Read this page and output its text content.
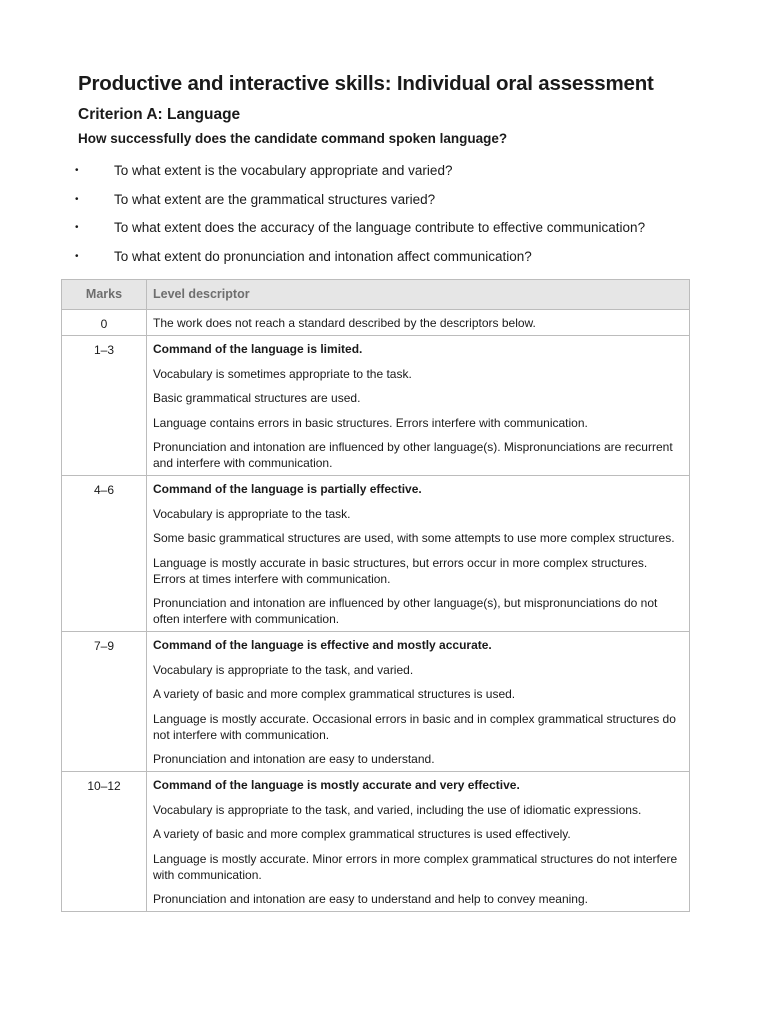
Productive and interactive skills: Individual oral assessment
Criterion A: Language

How successfully does the candidate command spoken language?

•	To what extent is the vocabulary appropriate and varied?
•	To what extent are the grammatical structures varied?
•	To what extent does the accuracy of the language contribute to effective communication?
•	To what extent do pronunciation and intonation affect communication?
Marks	Level descriptor
0	The work does not reach a standard described by the descriptors below.

1–3	Command of the language is limited.

Vocabulary is sometimes appropriate to the task.

Basic grammatical structures are used.

Language contains errors in basic structures. Errors interfere with communication.

Pronunciation and intonation are influenced by other language(s). Mispronunciations are recurrent and interfere with communication.

4–6	Command of the language is partially effective.

Vocabulary is appropriate to the task.

Some basic grammatical structures are used, with some attempts to use more complex structures.

Language is mostly accurate in basic structures, but errors occur in more complex structures. Errors at times interfere with communication.

Pronunciation and intonation are influenced by other language(s), but mispronunciations do not often interfere with communication.

7–9	Command of the language is effective and mostly accurate.

Vocabulary is appropriate to the task, and varied.

A variety of basic and more complex grammatical structures is used.

Language is mostly accurate. Occasional errors in basic and in complex grammatical structures do not interfere with communication.

Pronunciation and intonation are easy to understand.

10–12	Command of the language is mostly accurate and very effective.

Vocabulary is appropriate to the task, and varied, including the use of idiomatic expressions.

A variety of basic and more complex grammatical structures is used effectively.

Language is mostly accurate. Minor errors in more complex grammatical structures do not interfere with communication.

Pronunciation and intonation are easy to understand and help to convey meaning.
